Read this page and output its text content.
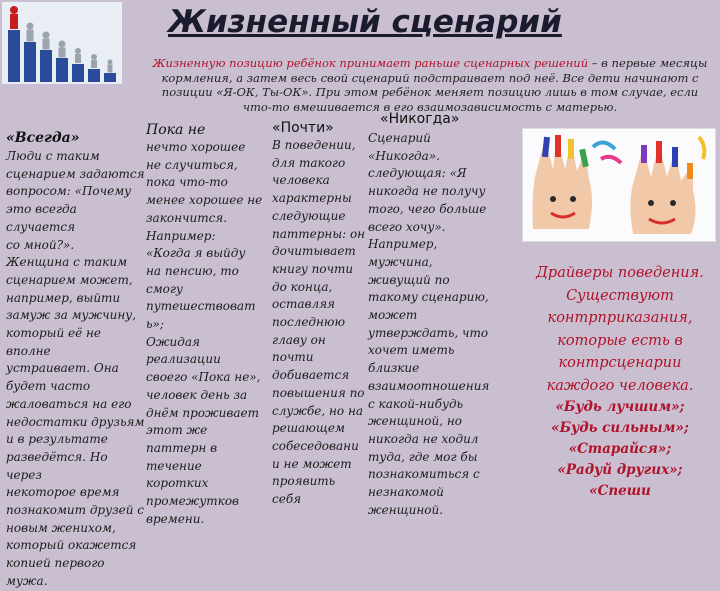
Жизненный сценарий
Жизненную позицию ребёнок принимает раньше сценарных решений – в первые месяцы кормления, а затем весь свой сценарий подстраивает под неё. Все дети начинают с позиции «Я-ОК, Ты-ОК». При этом ребёнок меняет позицию лишь в том случае, если что-то вмешивается в его взаимозависимость с матерью.
«Всегда»
Люди с таким
сценарием задаются
вопросом: «Почему
это всегда случается
со мной?».
Женщина с таким
сценарием может,
например, выйти
замуж за мужчину,
который её не вполне
устраивает. Она
будет часто
жаловаться на его
недостатки друзьям
и в результате
разведётся. Но через
некоторое время
познакомит друзей с
новым женихом,
который окажется
копией первого мужа.
Пока не
нечто хорошее
не случиться,
пока что-то
менее хорошее не
закончится.
Например:
«Когда я выйду
на пенсию, то
смогу
путешествоват
ь»;
Ожидая
реализации
своего «Пока не»,
человек день за
днём проживает
этот же
паттерн в
течение
коротких
промежутков
времени.
«Почти»
В поведении,
для такого
человека
характерны
следующие
паттерны: он
дочитывает
книгу почти
до конца,
оставляя
последнюю
главу он
почти
добивается
повышения по
службе, но на
решающем
собеседовани
и не может
проявить
себя
«Никогда»
Сценарий
«Никогда».
следующая: «Я
никогда не получу
того, чего больше
всего хочу».
Например,
мужчина,
живущий по
такому сценарию,
может
утверждать, что
хочет иметь
близкие
взаимоотношения
с какой-нибудь
женщиной, но
никогда не ходил
туда, где мог бы
познакомиться с
незнакомой
женщиной.
Драйверы поведения. Существуют контрприказания, которые есть в контрсценарии каждого человека.
«Будь лучшим»;
«Будь сильным»;
«Старайся»;
«Радуй других»;
«Спеши
